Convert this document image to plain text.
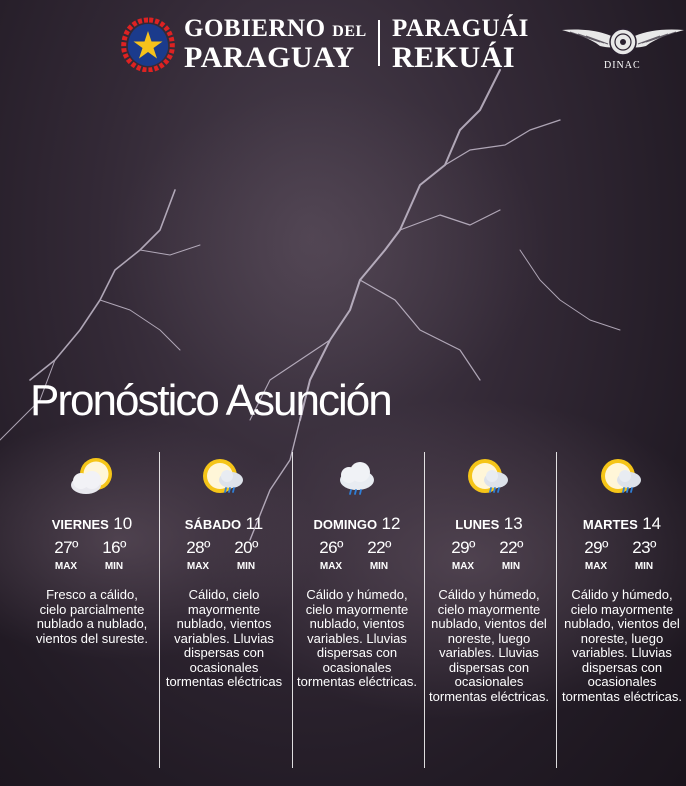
GOBIERNO DEL
PARAGUAY
PARAGUÁI
REKUÁI	DINAC
Pronóstico Asunción
VIERNES 10
27º
MAX
16º
MIN
Fresco a cálido, cielo parcialmente nublado a nublado, vientos del sureste.
SÁBADO 11
28º
MAX
20º
MIN
Cálido, cielo mayormente nublado, vientos variables. Lluvias dispersas con ocasionales tormentas eléctricas
DOMINGO 12
26º
MAX
22º
MIN
Cálido y húmedo, cielo mayormente nublado, vientos variables. Lluvias dispersas con ocasionales tormentas eléctricas.
LUNES 13
29º
MAX
22º
MIN
Cálido y húmedo, cielo mayormente nublado, vientos del noreste, luego variables. Lluvias dispersas con ocasionales tormentas eléctricas.
MARTES 14
29º
MAX
23º
MIN
Cálido y húmedo, cielo mayormente nublado, vientos del noreste, luego variables. Lluvias dispersas con ocasionales tormentas eléctricas.
